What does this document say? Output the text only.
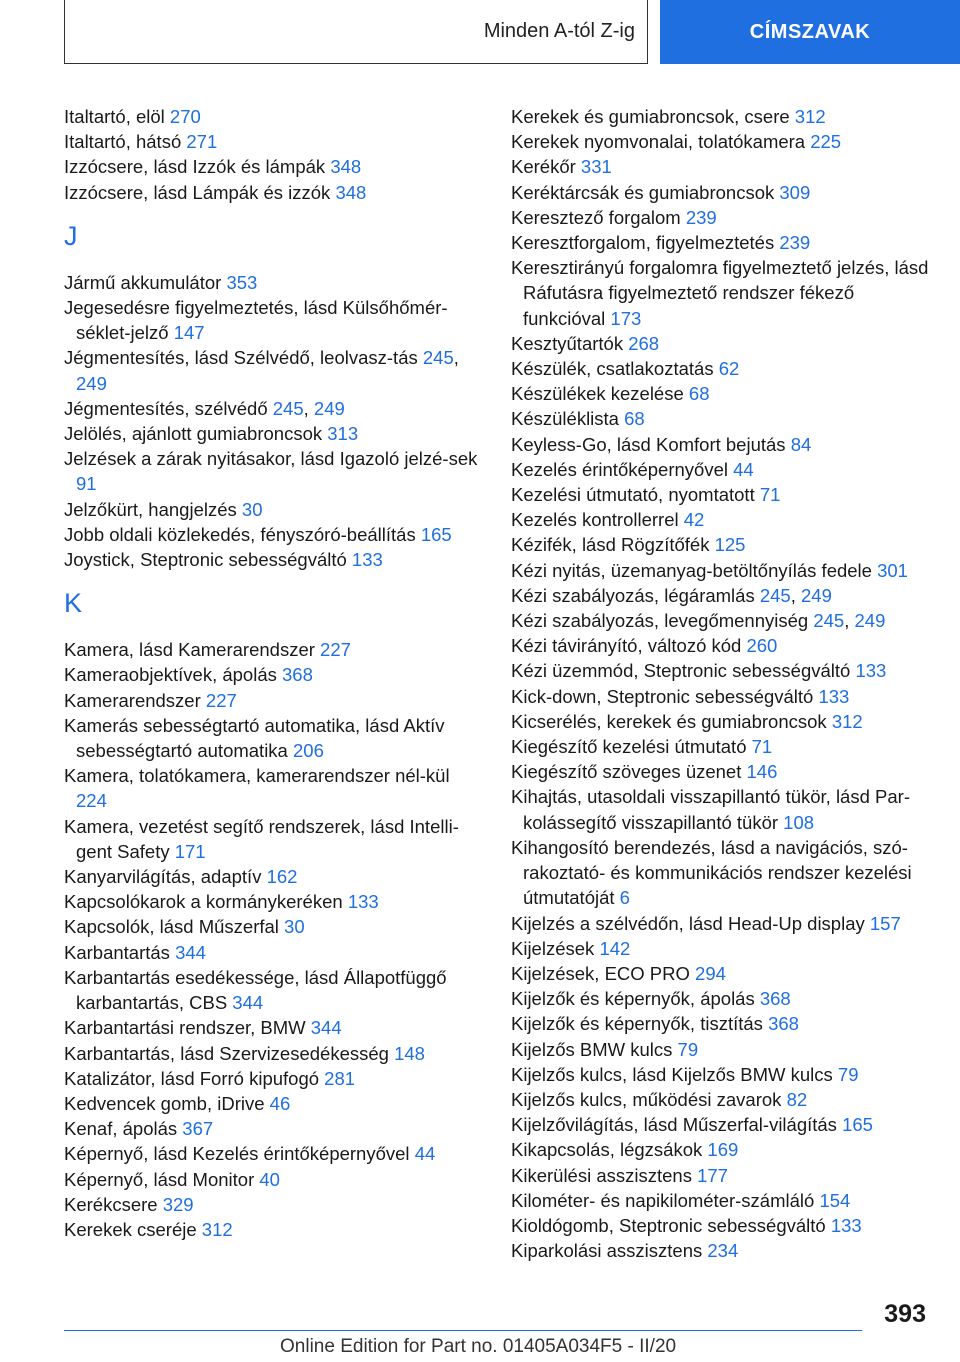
Minden A-tól Z-ig	CÍMSZAVAK
Italtartó, elöl 270
Italtartó, hátsó 271
Izzócsere, lásd Izzók és lámpák 348
Izzócsere, lásd Lámpák és izzók 348
J
Jármű akkumulátor 353
Jegesedésre figyelmeztetés, lásd Külsőhőmér-séklet-jelző 147
Jégmentesítés, lásd Szélvédő, leolvasz-tás 245, 249
Jégmentesítés, szélvédő 245, 249
Jelölés, ajánlott gumiabroncsok 313
Jelzések a zárak nyitásakor, lásd Igazoló jelzé-sek 91
Jelzőkürt, hangjelzés 30
Jobb oldali közlekedés, fényszóró-beállítás 165
Joystick, Steptronic sebességváltó 133
K
Kamera, lásd Kamerarendszer 227
Kameraobjektívek, ápolás 368
Kamerarendszer 227
Kamerás sebességtartó automatika, lásd Aktív sebességtartó automatika 206
Kamera, tolatókamera, kamerarendszer nél-kül 224
Kamera, vezetést segítő rendszerek, lásd Intelli-gent Safety 171
Kanyarvilágítás, adaptív 162
Kapcsolókarok a kormánykeréken 133
Kapcsolók, lásd Műszerfal 30
Karbantartás 344
Karbantartás esedékessége, lásd Állapotfüggő karbantartás, CBS 344
Karbantartási rendszer, BMW 344
Karbantartás, lásd Szervizesedékesség 148
Katalizátor, lásd Forró kipufogó 281
Kedvencek gomb, iDrive 46
Kenaf, ápolás 367
Képernyő, lásd Kezelés érintőképernyővel 44
Képernyő, lásd Monitor 40
Kerékcsere 329
Kerekek cseréje 312
Kerekek és gumiabroncsok, csere 312
Kerekek nyomvonalai, tolatókamera 225
Kerékőr 331
Keréktárcsák és gumiabroncsok 309
Keresztező forgalom 239
Keresztforgalom, figyelmeztetés 239
Keresztirányú forgalomra figyelmeztető jelzés, lásd Ráfutásra figyelmeztető rendszer fékező funkcióval 173
Kesztyűtartók 268
Készülék, csatlakoztatás 62
Készülékek kezelése 68
Készüléklista 68
Keyless-Go, lásd Komfort bejutás 84
Kezelés érintőképernyővel 44
Kezelési útmutató, nyomtatott 71
Kezelés kontrollerrel 42
Kézifék, lásd Rögzítőfék 125
Kézi nyitás, üzemanyag-betöltőnyílás fedele 301
Kézi szabályozás, légáramlás 245, 249
Kézi szabályozás, levegőmennyiség 245, 249
Kézi távirányító, változó kód 260
Kézi üzemmód, Steptronic sebességváltó 133
Kick-down, Steptronic sebességváltó 133
Kicserélés, kerekek és gumiabroncsok 312
Kiegészítő kezelési útmutató 71
Kiegészítő szöveges üzenet 146
Kihajtás, utasoldali visszapillantó tükör, lásd Par-kolássegítő visszapillantó tükör 108
Kihangosító berendezés, lásd a navigációs, szó-rakoztató- és kommunikációs rendszer kezelési útmutatóját 6
Kijelzés a szélvédőn, lásd Head-Up display 157
Kijelzések 142
Kijelzések, ECO PRO 294
Kijelzők és képernyők, ápolás 368
Kijelzők és képernyők, tisztítás 368
Kijelzős BMW kulcs 79
Kijelzős kulcs, lásd Kijelzős BMW kulcs 79
Kijelzős kulcs, működési zavarok 82
Kijelzővilágítás, lásd Műszerfal-világítás 165
Kikapcsolás, légzsákok 169
Kikerülési asszisztens 177
Kilométer- és napikilométer-számláló 154
Kioldógomb, Steptronic sebességváltó 133
Kiparkolási asszisztens 234
393
Online Edition for Part no. 01405A034F5 - II/20
